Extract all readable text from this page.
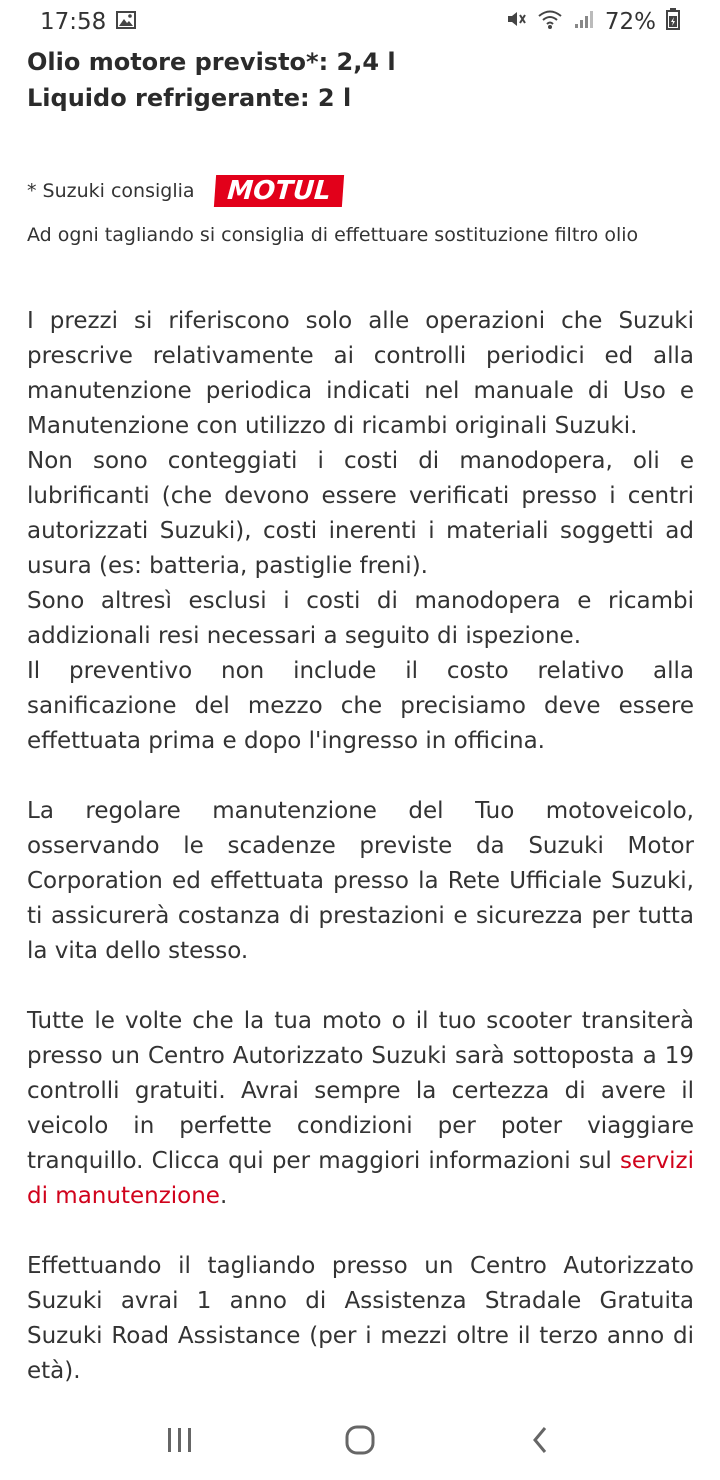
17:58	72%

Olio motore previsto*: 2,4 l

Liquido refrigerante: 2 l

* Suzuki consiglia	MOTUL
Ad ogni tagliando si consiglia di effettuare sostituzione filtro olio

I prezzi si riferiscono solo alle operazioni che Suzuki prescrive relativamente ai controlli periodici ed alla manutenzione periodica indicati nel manuale di Uso e Manutenzione con utilizzo di ricambi originali Suzuki.

Non sono conteggiati i costi di manodopera, oli e lubrificanti (che devono essere verificati presso i centri autorizzati Suzuki), costi inerenti i materiali soggetti ad usura (es: batteria, pastiglie freni).

Sono altresì esclusi i costi di manodopera e ricambi addizionali resi necessari a seguito di ispezione.

Il preventivo non include il costo relativo alla sanificazione del mezzo che precisiamo deve essere effettuata prima e dopo l'ingresso in officina.

La regolare manutenzione del Tuo motoveicolo, osservando le scadenze previste da Suzuki Motor Corporation ed effettuata presso la Rete Ufficiale Suzuki, ti assicurerà costanza di prestazioni e sicurezza per tutta la vita dello stesso.

Tutte le volte che la tua moto o il tuo scooter transiterà presso un Centro Autorizzato Suzuki sarà sottoposta a 19 controlli gratuiti. Avrai sempre la certezza di avere il veicolo in perfette condizioni per poter viaggiare tranquillo. Clicca qui per maggiori informazioni sul servizi di manutenzione.

Effettuando il tagliando presso un Centro Autorizzato Suzuki avrai 1 anno di Assistenza Stradale Gratuita Suzuki Road Assistance (per i mezzi oltre il terzo anno di età).
